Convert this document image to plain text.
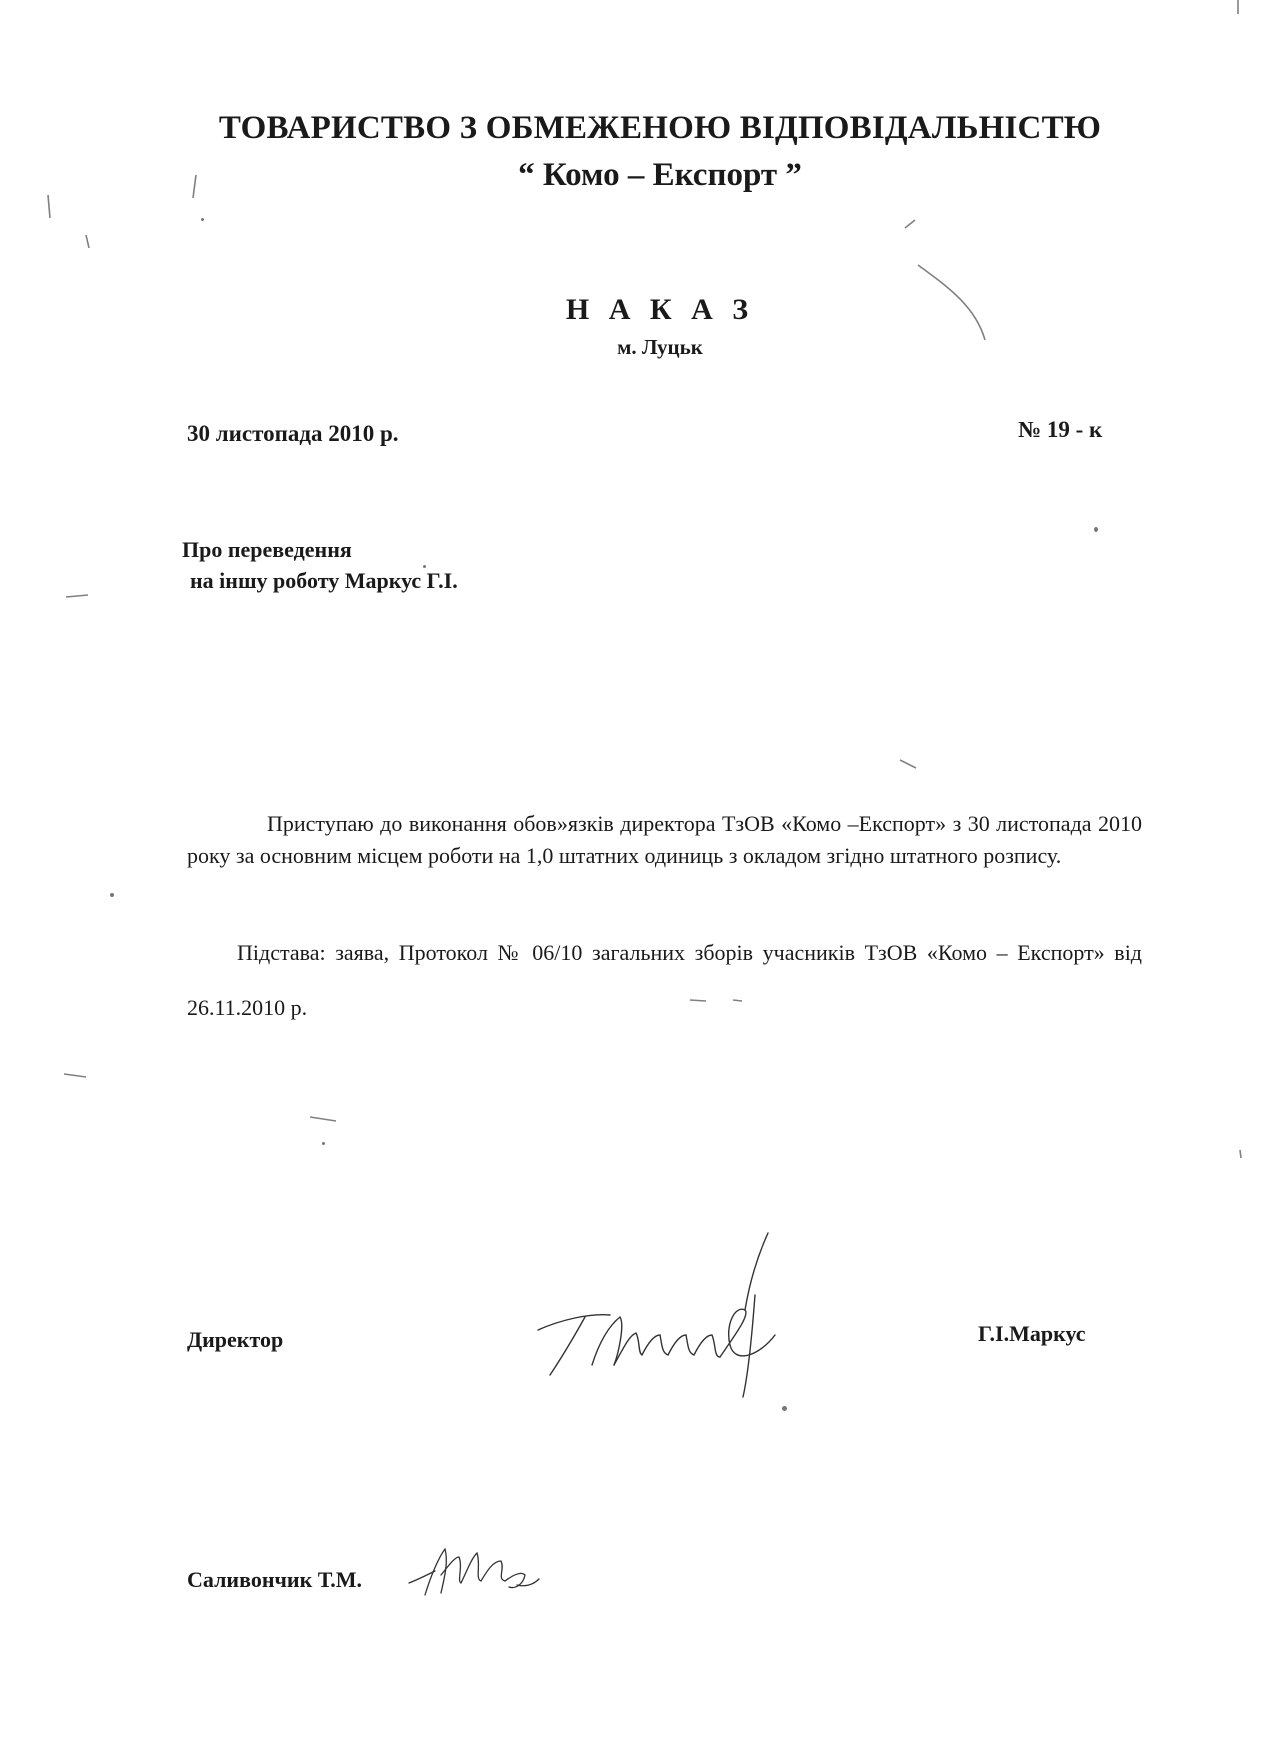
ТОВАРИСТВО З ОБМЕЖЕНОЮ ВІДПОВІДАЛЬНІСТЮ
“ Комо – Експорт ”
Н А К А З
м. Луцьк
30 листопада 2010 р.	№ 19 - к
Про переведення
на іншу роботу Маркус Г.І.
Приступаю до виконання обов»язків директора ТзОВ «Комо –Експорт» з 30 листопада 2010 року за основним місцем роботи на 1,0 штатних одиниць з окладом згідно штатного розпису.
Підстава: заява, Протокол № 06/10 загальних зборів учасників ТзОВ «Комо – Експорт» від 26.11.2010 р.
Директор	Г.І.Маркус
Саливончик Т.М.
